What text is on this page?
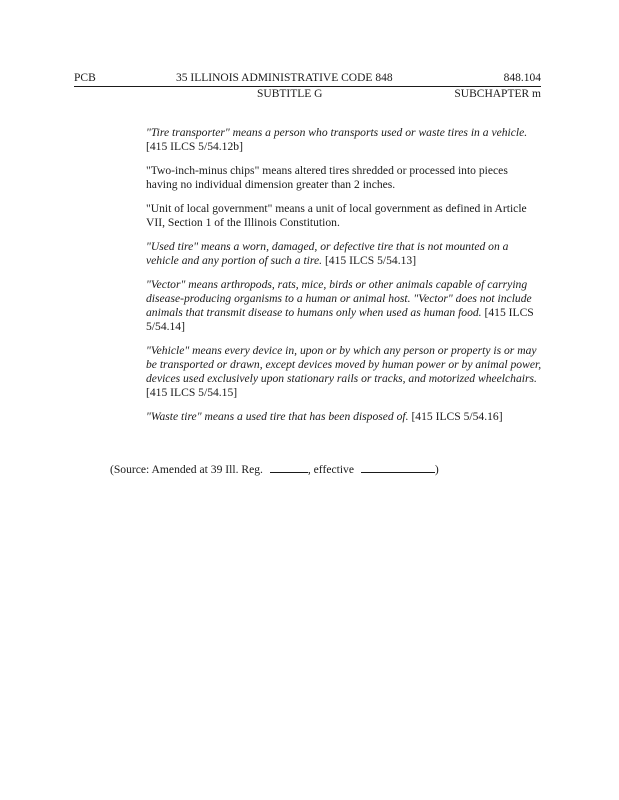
PCB	35 ILLINOIS ADMINISTRATIVE CODE 848	848.104
SUBTITLE G	SUBCHAPTER m

"Tire transporter" means a person who transports used or waste tires in a vehicle. [415 ILCS 5/54.12b]

"Two-inch-minus chips" means altered tires shredded or processed into pieces having no individual dimension greater than 2 inches.

"Unit of local government" means a unit of local government as defined in Article VII, Section 1 of the Illinois Constitution.

"Used tire" means a worn, damaged, or defective tire that is not mounted on a vehicle and any portion of such a tire. [415 ILCS 5/54.13]

"Vector" means arthropods, rats, mice, birds or other animals capable of carrying disease-producing organisms to a human or animal host. "Vector" does not include animals that transmit disease to humans only when used as human food. [415 ILCS 5/54.14]

"Vehicle" means every device in, upon or by which any person or property is or may be transported or drawn, except devices moved by human power or by animal power, devices used exclusively upon stationary rails or tracks, and motorized wheelchairs. [415 ILCS 5/54.15]

"Waste tire" means a used tire that has been disposed of. [415 ILCS 5/54.16]

(Source: Amended at 39 Ill. Reg.	, effective	)
